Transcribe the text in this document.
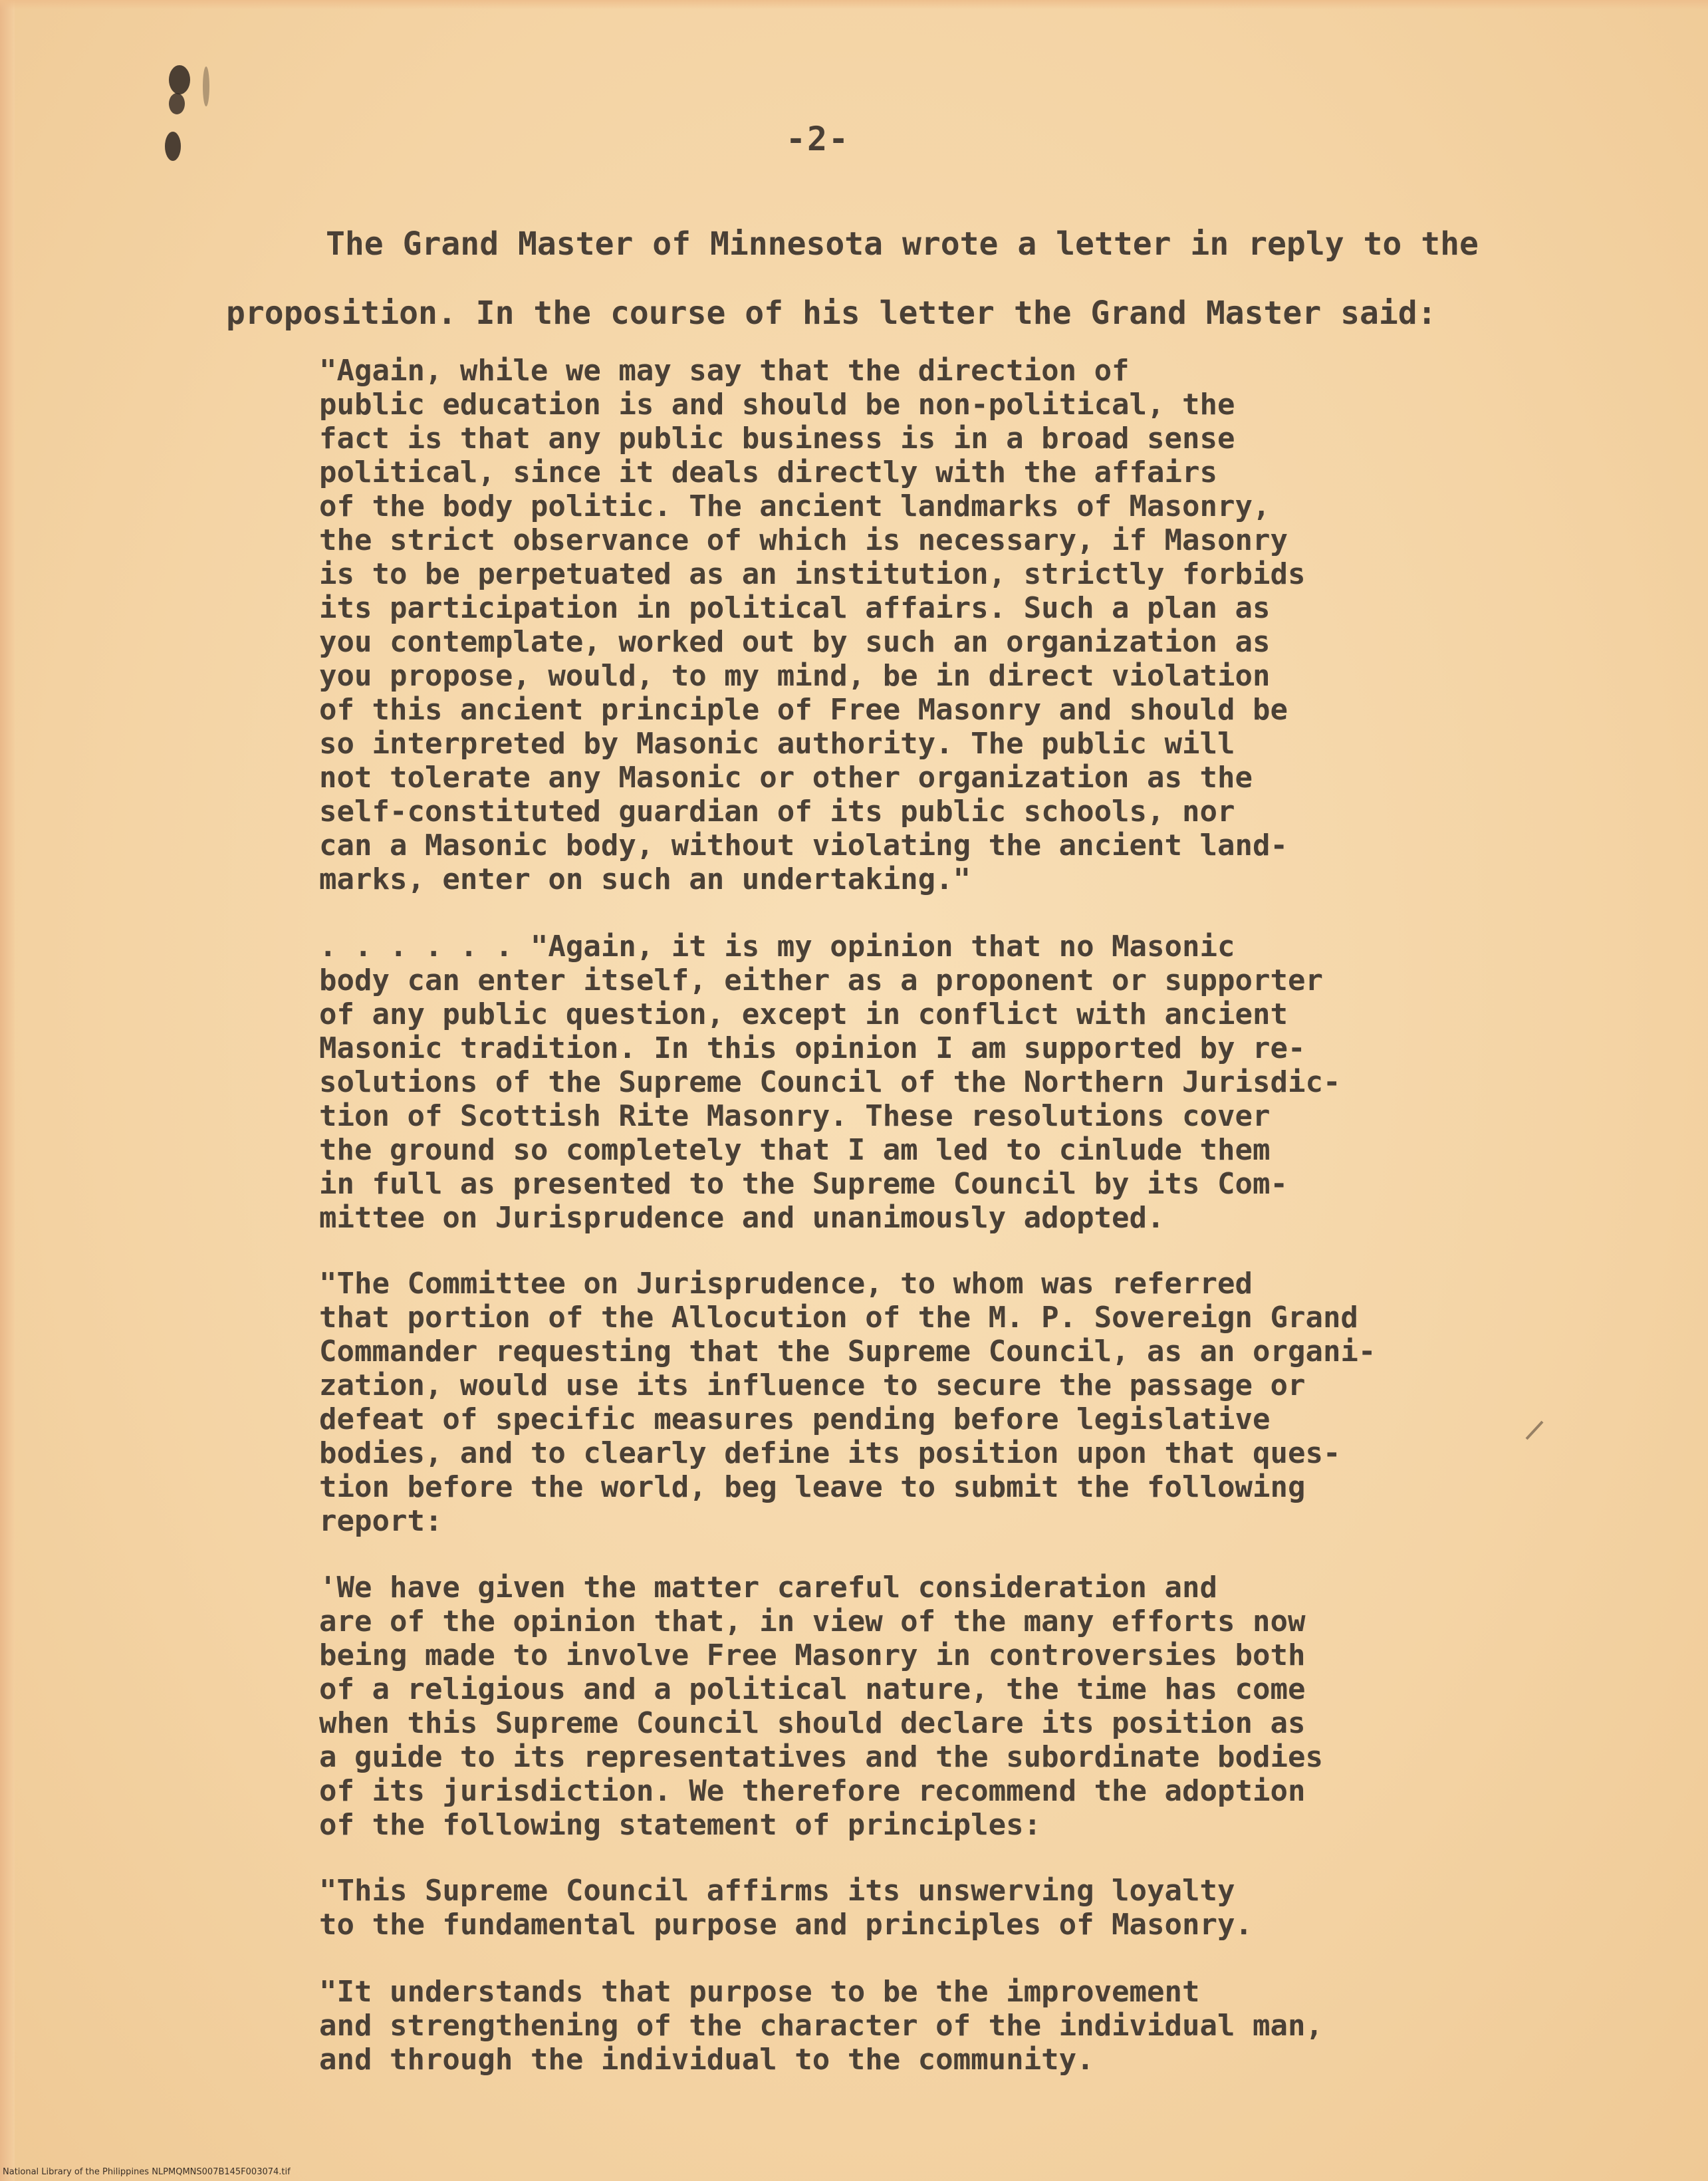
-2-

The Grand Master of Minnesota wrote a letter in reply to the
proposition. In the course of his letter the Grand Master said:

"Again, while we may say that the direction of
public education is and should be non-political, the
fact is that any public business is in a broad sense
political, since it deals directly with the affairs
of the body politic. The ancient landmarks of Masonry,
the strict observance of which is necessary, if Masonry
is to be perpetuated as an institution, strictly forbids
its participation in political affairs. Such a plan as
you contemplate, worked out by such an organization as
you propose, would, to my mind, be in direct violation
of this ancient principle of Free Masonry and should be
so interpreted by Masonic authority. The public will
not tolerate any Masonic or other organization as the
self-constituted guardian of its public schools, nor
can a Masonic body, without violating the ancient land-
marks, enter on such an undertaking."

. . . . . . "Again, it is my opinion that no Masonic
body can enter itself, either as a proponent or supporter
of any public question, except in conflict with ancient
Masonic tradition. In this opinion I am supported by re-
solutions of the Supreme Council of the Northern Jurisdic-
tion of Scottish Rite Masonry. These resolutions cover
the ground so completely that I am led to cinlude them
in full as presented to the Supreme Council by its Com-
mittee on Jurisprudence and unanimously adopted.

"The Committee on Jurisprudence, to whom was referred
that portion of the Allocution of the M. P. Sovereign Grand
Commander requesting that the Supreme Council, as an organi-
zation, would use its influence to secure the passage or
defeat of specific measures pending before legislative
bodies, and to clearly define its position upon that ques-
tion before the world, beg leave to submit the following
report:

'We have given the matter careful consideration and
are of the opinion that, in view of the many efforts now
being made to involve Free Masonry in controversies both
of a religious and a political nature, the time has come
when this Supreme Council should declare its position as
a guide to its representatives and the subordinate bodies
of its jurisdiction. We therefore recommend the adoption
of the following statement of principles:

"This Supreme Council affirms its unswerving loyalty
to the fundamental purpose and principles of Masonry.

"It understands that purpose to be the improvement
and strengthening of the character of the individual man,
and through the individual to the community.

National Library of the Philippines NLPMQMNS007B145F003074.tif
